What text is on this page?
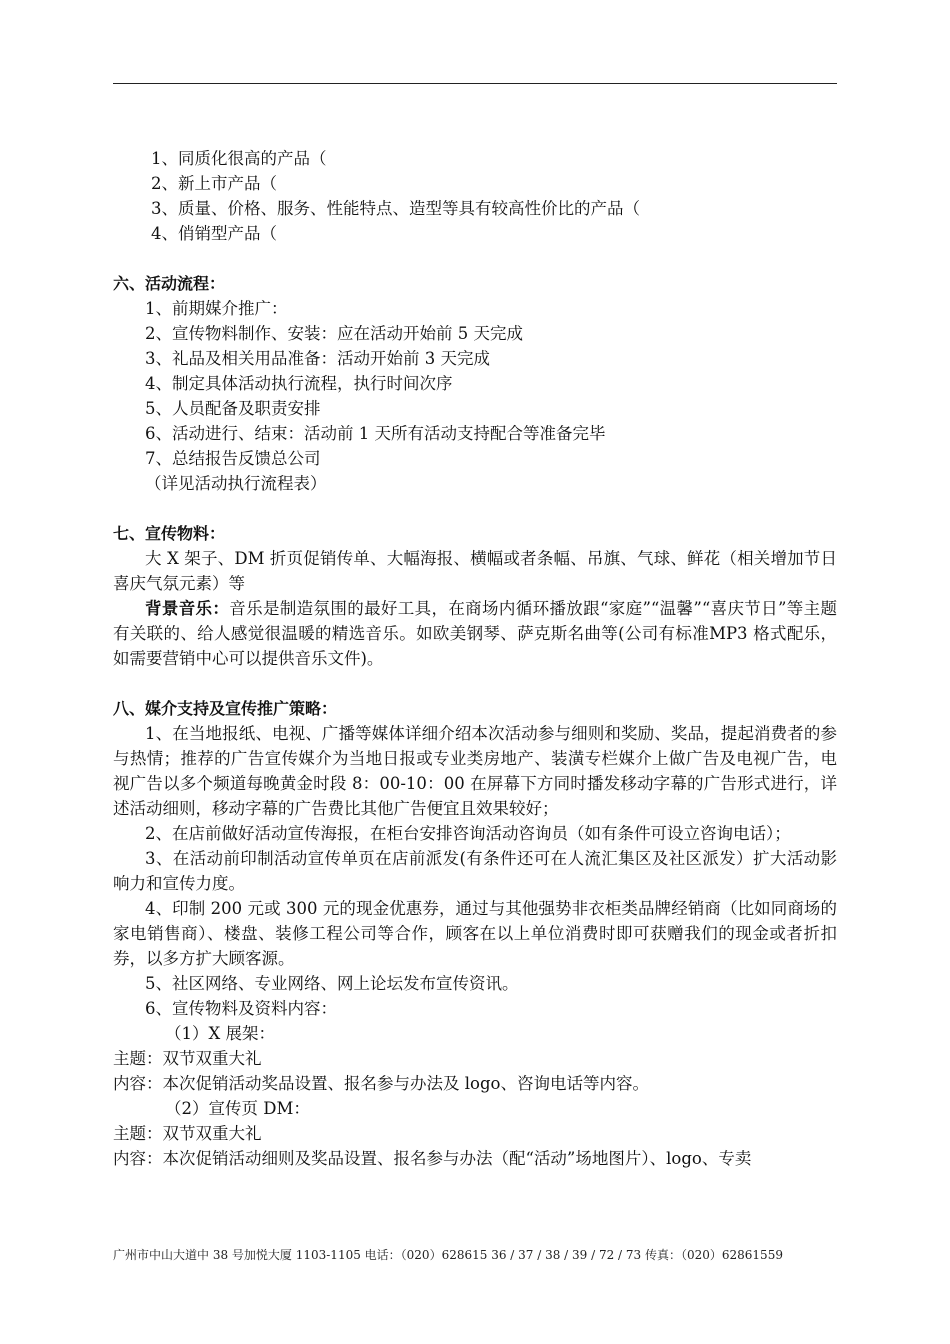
1、同质化很高的产品（
2、新上市产品（
3、质量、价格、服务、性能特点、造型等具有较高性价比的产品（
4、俏销型产品（
六、活动流程：
1、前期媒介推广：
2、宣传物料制作、安装：应在活动开始前 5 天完成
3、礼品及相关用品准备：活动开始前 3 天完成
4、制定具体活动执行流程，执行时间次序
5、人员配备及职责安排
6、活动进行、结束：活动前 1 天所有活动支持配合等准备完毕
7、总结报告反馈总公司
（详见活动执行流程表）
七、宣传物料：
大 X 架子、DM 折页促销传单、大幅海报、横幅或者条幅、吊旗、气球、鲜花（相关增加节日喜庆气氛元素）等
背景音乐：音乐是制造氛围的最好工具，在商场内循环播放跟“家庭”“温馨”“喜庆节日”等主题有关联的、给人感觉很温暖的精选音乐。如欧美钢琴、萨克斯名曲等(公司有标准MP3 格式配乐，如需要营销中心可以提供音乐文件)。
八、媒介支持及宣传推广策略：
1、在当地报纸、电视、广播等媒体详细介绍本次活动参与细则和奖励、奖品，提起消费者的参与热情；推荐的广告宣传媒介为当地日报或专业类房地产、装潢专栏媒介上做广告及电视广告，电视广告以多个频道每晚黄金时段 8：00-10：00 在屏幕下方同时播发移动字幕的广告形式进行，详述活动细则，移动字幕的广告费比其他广告便宜且效果较好；
2、在店前做好活动宣传海报，在柜台安排咨询活动咨询员（如有条件可设立咨询电话）；
3、在活动前印制活动宣传单页在店前派发(有条件还可在人流汇集区及社区派发）扩大活动影响力和宣传力度。
4、印制 200 元或 300 元的现金优惠券，通过与其他强势非衣柜类品牌经销商（比如同商场的家电销售商）、楼盘、装修工程公司等合作，顾客在以上单位消费时即可获赠我们的现金或者折扣券，以多方扩大顾客源。
5、社区网络、专业网络、网上论坛发布宣传资讯。
6、宣传物料及资料内容：
（1）X 展架：
主题：双节双重大礼
内容：本次促销活动奖品设置、报名参与办法及 logo、咨询电话等内容。
（2）宣传页 DM：
主题：双节双重大礼
内容：本次促销活动细则及奖品设置、报名参与办法（配“活动”场地图片）、logo、专卖
广州市中山大道中 38 号加悦大厦 1103-1105 电话：（020）628615 36 / 37 / 38 / 39 / 72 / 73 传真：（020）62861559
